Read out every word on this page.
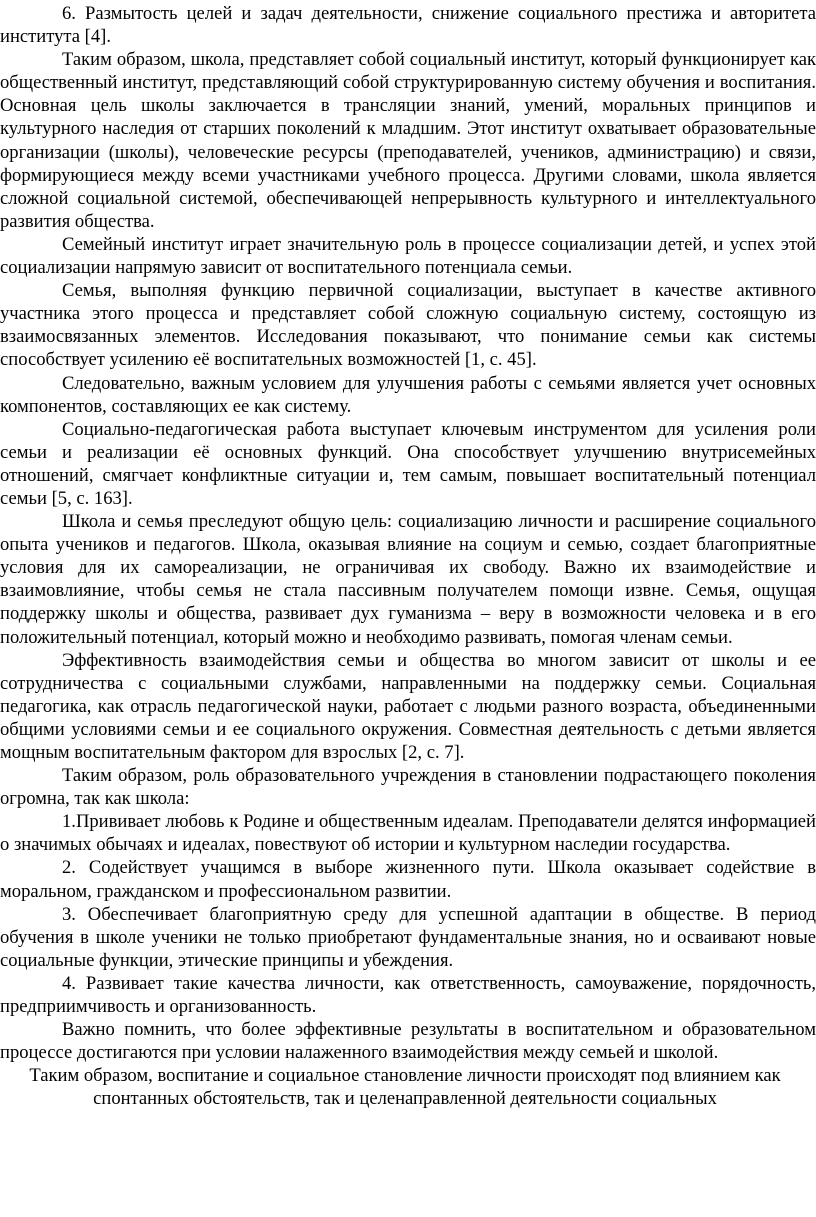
6. Размытость целей и задач деятельности, снижение социального престижа и авторитета института [4].

Таким образом, школа, представляет собой социальный институт, который функционирует как общественный институт, представляющий собой структурированную систему обучения и воспитания. Основная цель школы заключается в трансляции знаний, умений, моральных принципов и культурного наследия от старших поколений к младшим. Этот институт охватывает образовательные организации (школы), человеческие ресурсы (преподавателей, учеников, администрацию) и связи, формирующиеся между всеми участниками учебного процесса. Другими словами, школа является сложной социальной системой, обеспечивающей непрерывность культурного и интеллектуального развития общества.

Семейный институт играет значительную роль в процессе социализации детей, и успех этой социализации напрямую зависит от воспитательного потенциала семьи.

Семья, выполняя функцию первичной социализации, выступает в качестве активного участника этого процесса и представляет собой сложную социальную систему, состоящую из взаимосвязанных элементов. Исследования показывают, что понимание семьи как системы способствует усилению её воспитательных возможностей [1, с. 45].

Следовательно, важным условием для улучшения работы с семьями является учет основных компонентов, составляющих ее как систему.

Социально-педагогическая работа выступает ключевым инструментом для усиления роли семьи и реализации её основных функций. Она способствует улучшению внутрисемейных отношений, смягчает конфликтные ситуации и, тем самым, повышает воспитательный потенциал семьи [5, с. 163].

Школа и семья преследуют общую цель: социализацию личности и расширение социального опыта учеников и педагогов. Школа, оказывая влияние на социум и семью, создает благоприятные условия для их самореализации, не ограничивая их свободу. Важно их взаимодействие и взаимовлияние, чтобы семья не стала пассивным получателем помощи извне. Семья, ощущая поддержку школы и общества, развивает дух гуманизма – веру в возможности человека и в его положительный потенциал, который можно и необходимо развивать, помогая членам семьи.

Эффективность взаимодействия семьи и общества во многом зависит от школы и ее сотрудничества с социальными службами, направленными на поддержку семьи. Социальная педагогика, как отрасль педагогической науки, работает с людьми разного возраста, объединенными общими условиями семьи и ее социального окружения. Совместная деятельность с детьми является мощным воспитательным фактором для взрослых [2, с. 7].

Таким образом, роль образовательного учреждения в становлении подрастающего поколения огромна, так как школа:

1.Прививает любовь к Родине и общественным идеалам. Преподаватели делятся информацией о значимых обычаях и идеалах, повествуют об истории и культурном наследии государства.

2. Содействует учащимся в выборе жизненного пути. Школа оказывает содействие в моральном, гражданском и профессиональном развитии.

3. Обеспечивает благоприятную среду для успешной адаптации в обществе. В период обучения в школе ученики не только приобретают фундаментальные знания, но и осваивают новые социальные функции, этические принципы и убеждения.

4. Развивает такие качества личности, как ответственность, самоуважение, порядочность, предприимчивость и организованность.

Важно помнить, что более эффективные результаты в воспитательном и образовательном процессе достигаются при условии налаженного взаимодействия между семьей и школой.

Таким образом, воспитание и социальное становление личности происходят под влиянием как спонтанных обстоятельств, так и целенаправленной деятельности социальных
